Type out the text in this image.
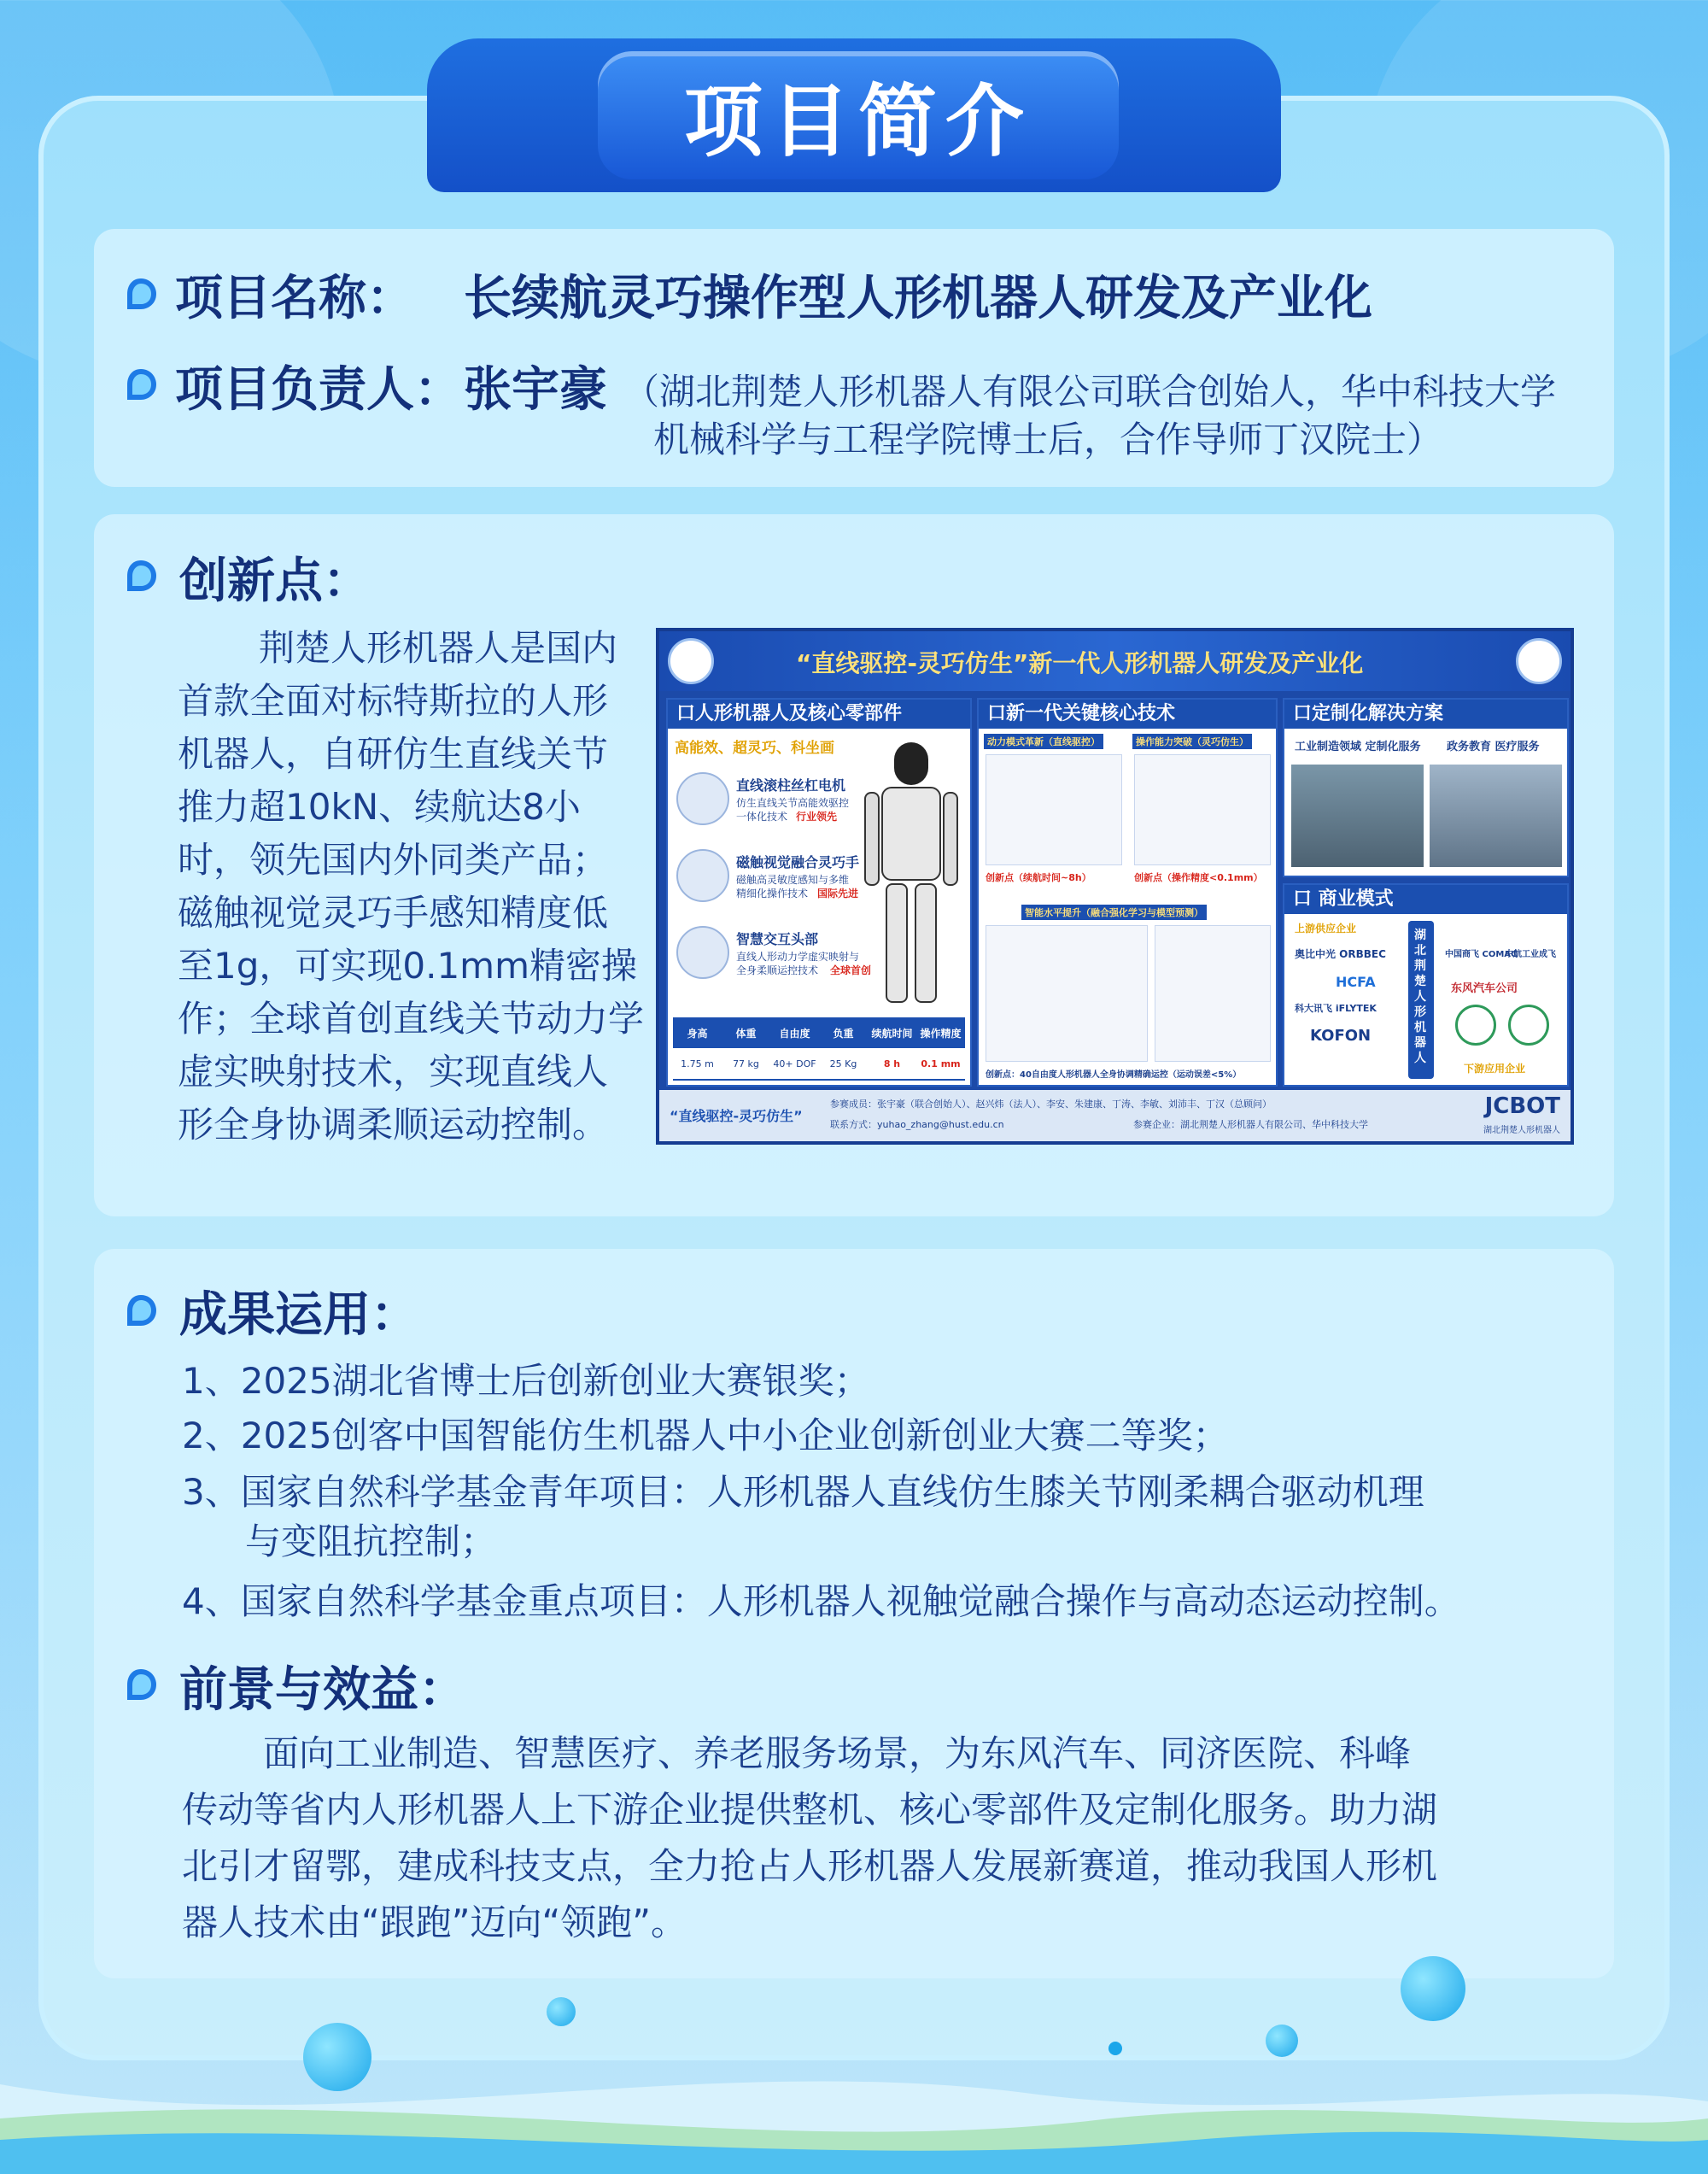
项目简介
项目名称： 长续航灵巧操作型人形机器人研发及产业化
项目负责人： 张宇豪 （湖北荆楚人形机器人有限公司联合创始人，华中科技大学
机械科学与工程学院博士后，合作导师丁汉院士）
创新点：
荆楚人形机器人是国内
首款全面对标特斯拉的人形
机器人，自研仿生直线关节
推力超10kN、续航达8小
时，领先国内外同类产品；
磁触视觉灵巧手感知精度低
至1g，可实现0.1mm精密操
作；全球首创直线关节动力学
虚实映射技术，实现直线人
形全身协调柔顺运动控制。
“直线驱控-灵巧仿生”新一代人形机器人研发及产业化
口人形机器人及核心零部件
高能效、超灵巧、科坐画
直线滚柱丝杠电机
仿生直线关节高能效驱控
一体化技术 行业领先
磁触视觉融合灵巧手
磁触高灵敏度感知与多维
精细化操作技术 国际先进
智慧交互头部
直线人形动力学虚实映射与
全身柔顺运控技术 全球首创
身高	体重	自由度	负重	续航时间 操作精度
1.75 m	77 kg	40+ DOF	25 Kg	8 h	0.1 mm
口新一代关键核心技术
动力模式革新（直线驱控）	操作能力突破（灵巧仿生）
创新点（续航时间~8h）	创新点（操作精度<0.1mm）
智能水平提升（融合强化学习与模型预测）
创新点：40自由度人形机器人全身协调精确运控（运动误差<5%）
口定制化解决方案
工业制造领域 定制化服务 政务教育 医疗服务
口 商业模式
上游供应企业
奥比中光 ORBBEC
HCFA
科大讯飞 iFLYTEK
KOFON
湖北荆楚人形机器人
中国商飞 COMAC
中航工业成飞
东风汽车公司
下游应用企业
“直线驱控-灵巧仿生”
参赛成员：张宇豪（联合创始人）、赵兴炜（法人）、李安、朱建康、丁涛、李敏、刘沛丰、丁汉（总顾问）
联系方式：yuhao_zhang@hust.edu.cn	参赛企业：湖北荆楚人形机器人有限公司、华中科技大学
JCBOT
湖北荆楚人形机器人
成果运用：
1、2025湖北省博士后创新创业大赛银奖；
2、2025创客中国智能仿生机器人中小企业创新创业大赛二等奖；
3、国家自然科学基金青年项目：人形机器人直线仿生膝关节刚柔耦合驱动机理
与变阻抗控制；
4、国家自然科学基金重点项目：人形机器人视触觉融合操作与高动态运动控制。
前景与效益：
面向工业制造、智慧医疗、养老服务场景，为东风汽车、同济医院、科峰
传动等省内人形机器人上下游企业提供整机、核心零部件及定制化服务。助力湖
北引才留鄂，建成科技支点，全力抢占人形机器人发展新赛道，推动我国人形机
器人技术由“跟跑”迈向“领跑”。
